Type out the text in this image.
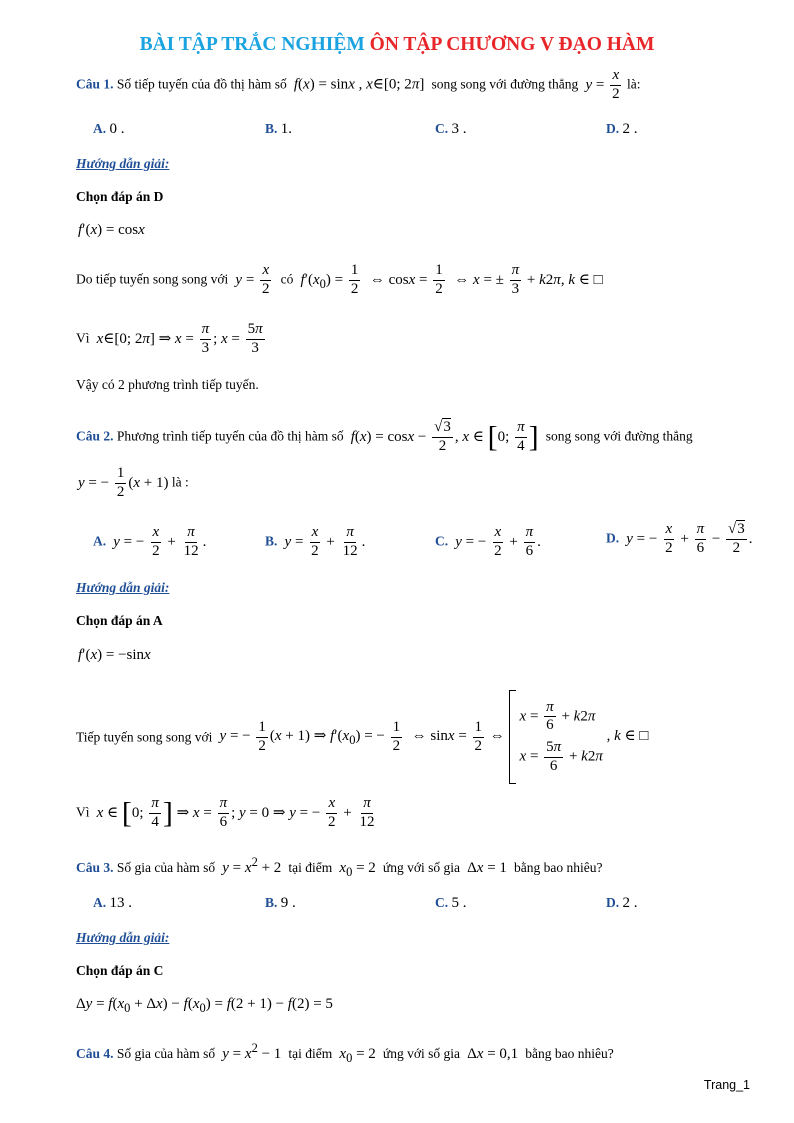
BÀI TẬP TRẮC NGHIỆM ÔN TẬP CHƯƠNG V ĐẠO HÀM
Câu 1. Số tiếp tuyến của đồ thị hàm số f(x) = sinx , x∈[0; 2π]  song song với đường thẳng $y = \frac{x}{2}$ là:
A. 0 .	B. 1.	C. 3 .	D. 2 .
Hướng dẫn giải:
Chọn đáp án D
f′(x) = cosx
Do tiếp tuyến song song với $y = \frac{x}{2}$ có $f'(x_0) = \frac{1}{2}$ ⇔ $\cos x = \frac{1}{2}$ ⇔ x = ± $\frac{\pi}{3} + k2\pi$, k ∈ □
Vì x∈[0; 2π] ⇒ $x = \frac{\pi}{3}$ ; $x = \frac{5\pi}{3}$
Vậy có 2 phương trình tiếp tuyến.
Câu 2. Phương trình tiếp tuyến của đồ thị hàm số $f(x) = \cos x - \frac{√3}{2}$ , x ∈ [0; $\frac{\pi}{4}$ ] song song với đường thẳng
y = − $\frac{1}{2} (x + 1)$ là :
A. y = − $\frac{x}{2} + \frac{\pi}{12}$ .	B. $y = \frac{x}{2} + \frac{\pi}{12}$ .	C. y = − $\frac{x}{2} + \frac{\pi}{6}$ .	D. y = − $\frac{x}{2} + \frac{\pi}{6} - \frac{√3}{2}$ .
Hướng dẫn giải:
Chọn đáp án A
f′(x) = −sinx
Tiếp tuyến song song với y = − $\frac{1}{2} (x + 1)$ ⇒ $f'(x_0)$ = − $\frac{1}{2}$ ⇔ $\sin x = \frac{1}{2}$ ⇔
$x = \frac{\pi}{6} + k2\pi$
$x = \frac{5\pi}{6} + k2\pi$
, k ∈ □
Vì x ∈ [0; $\frac{\pi}{4}$ ] ⇒ $x = \frac{\pi}{6}$ ; y = 0 ⇒ y = − $\frac{x}{2} + \frac{\pi}{12}$
Câu 3. Số gia của hàm số $y = x^2 + 2$  tại điểm $x_0 = 2$  ứng với số gia  Δx = 1  bằng bao nhiêu?
A. 13 .	B. 9 .	C. 5 .	D. 2 .
Hướng dẫn giải:
Chọn đáp án C
$\Delta y = f(x_0 + \Delta x) - f(x_0) = f(2 + 1) - f(2) = 5$
Câu 4. Số gia của hàm số $y = x^2 - 1$  tại điểm $x_0 = 2$  ứng với số gia  Δx = 0,1  bằng bao nhiêu?
Trang_1
